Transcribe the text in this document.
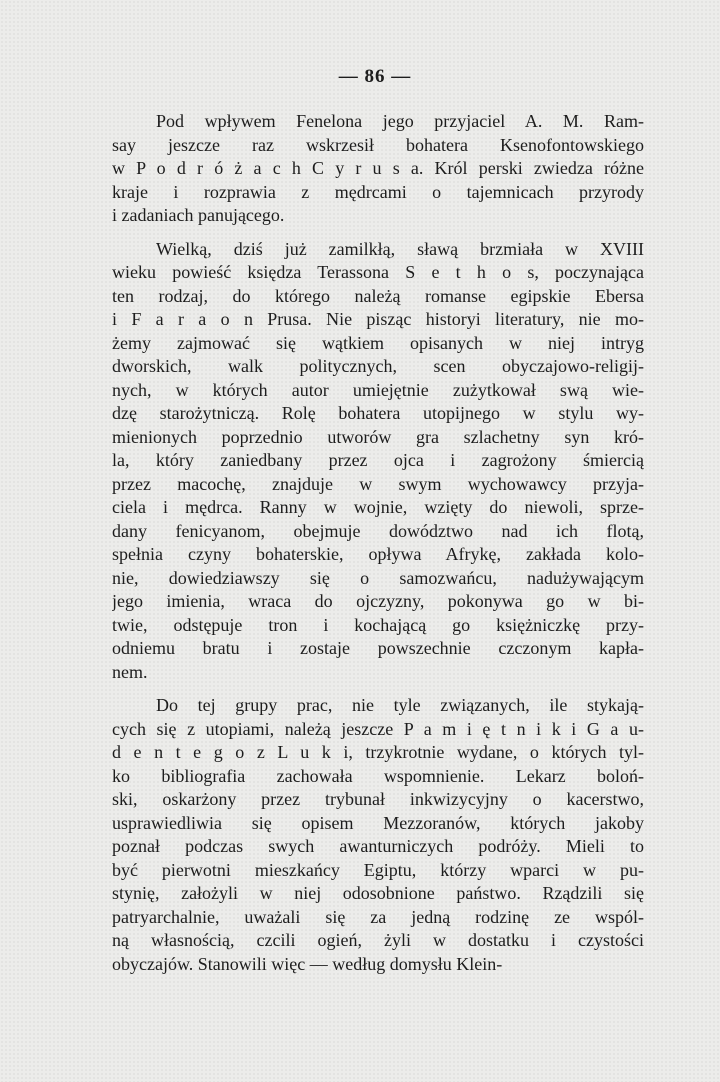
— 86 —
Pod wpływem Fenelona jego przyjaciel A. M. Ram-
say jeszcze raz wskrzesił bohatera Ksenofontowskiego
w P o d r ó ż a c h C y r u s a. Król perski zwiedza różne
kraje i rozprawia z mędrcami o tajemnicach przyrody
i zadaniach panującego.
Wielką, dziś już zamilkłą, sławą brzmiała w XVIII
wieku powieść księdza Terassona S e t h o s, poczynająca
ten rodzaj, do którego należą romanse egipskie Ebersa
i F a r a o n Prusa. Nie pisząc historyi literatury, nie mo-
żemy zajmować się wątkiem opisanych w niej intryg
dworskich, walk politycznych, scen obyczajowo-religij-
nych, w których autor umiejętnie zużytkował swą wie-
dzę starożytniczą. Rolę bohatera utopijnego w stylu wy-
mienionych poprzednio utworów gra szlachetny syn kró-
la, który zaniedbany przez ojca i zagrożony śmiercią
przez macochę, znajduje w swym wychowawcy przyja-
ciela i mędrca. Ranny w wojnie, wzięty do niewoli, sprze-
dany fenicyanom, obejmuje dowództwo nad ich flotą,
spełnia czyny bohaterskie, opływa Afrykę, zakłada kolo-
nie, dowiedziawszy się o samozwańcu, nadużywającym
jego imienia, wraca do ojczyzny, pokonywa go w bi-
twie, odstępuje tron i kochającą go księżniczkę przy-
odniemu bratu i zostaje powszechnie czczonym kapła-
nem.
Do tej grupy prac, nie tyle związanych, ile stykają-
cych się z utopiami, należą jeszcze P a m i ę t n i k i G a u-
d e n t e g o z L u k i, trzykrotnie wydane, o których tyl-
ko bibliografia zachowała wspomnienie. Lekarz boloń-
ski, oskarżony przez trybunał inkwizycyjny o kacerstwo,
usprawiedliwia się opisem Mezzoranów, których jakoby
poznał podczas swych awanturniczych podróży. Mieli to
być pierwotni mieszkańcy Egiptu, którzy wparci w pu-
stynię, założyli w niej odosobnione państwo. Rządzili się
patryarchalnie, uważali się za jedną rodzinę ze wspól-
ną własnością, czcili ogień, żyli w dostatku i czystości
obyczajów. Stanowili więc — według domysłu Klein-
